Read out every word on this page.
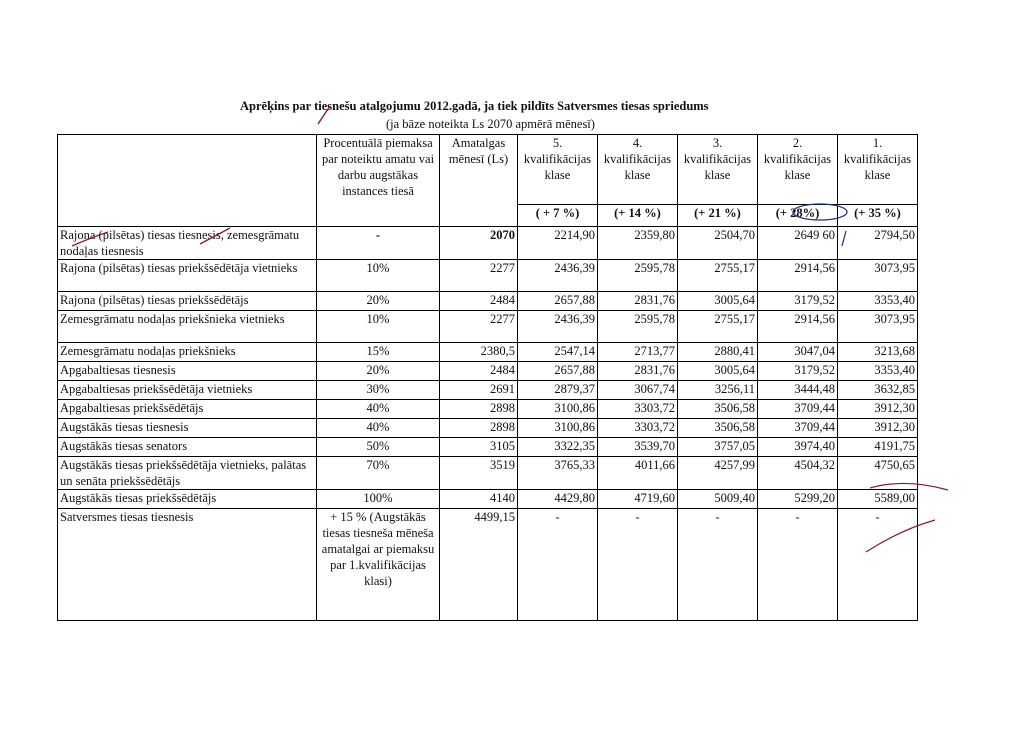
Aprēķins par tiesnešu atalgojumu 2012.gadā, ja tiek pildīts Satversmes tiesas spriedums
(ja bāze noteikta Ls 2070 apmērā mēnesī)
	Procentuālā piemaksa par noteiktu amatu vai darbu augstākas instances tiesā	Amatalgas mēnesī (Ls)	5. kvalifikācijas klase	4. kvalifikācijas klase	3. kvalifikācijas klase	2. kvalifikācijas klase	1. kvalifikācijas klase
			( + 7 %)	(+ 14 %)	(+ 21 %)	(+ 28%)	(+ 35 %)
Rajona (pilsētas) tiesas tiesnesis, zemesgrāmatu nodaļas tiesnesis	-	2070	2214,90	2359,80	2504,70	2649 60	2794,50
Rajona (pilsētas) tiesas priekšsēdētāja vietnieks	10%	2277	2436,39	2595,78	2755,17	2914,56	3073,95
Rajona (pilsētas) tiesas priekšsēdētājs	20%	2484	2657,88	2831,76	3005,64	3179,52	3353,40
Zemesgrāmatu nodaļas priekšnieka vietnieks	10%	2277	2436,39	2595,78	2755,17	2914,56	3073,95
Zemesgrāmatu nodaļas priekšnieks	15%	2380,5	2547,14	2713,77	2880,41	3047,04	3213,68
Apgabaltiesas tiesnesis	20%	2484	2657,88	2831,76	3005,64	3179,52	3353,40
Apgabaltiesas priekšsēdētāja vietnieks	30%	2691	2879,37	3067,74	3256,11	3444,48	3632,85
Apgabaltiesas priekšsēdētājs	40%	2898	3100,86	3303,72	3506,58	3709,44	3912,30
Augstākās tiesas tiesnesis	40%	2898	3100,86	3303,72	3506,58	3709,44	3912,30
Augstākās tiesas senators	50%	3105	3322,35	3539,70	3757,05	3974,40	4191,75
Augstākās tiesas priekšsēdētāja vietnieks, palātas un senāta priekšsēdētājs	70%	3519	3765,33	4011,66	4257,99	4504,32	4750,65
Augstākās tiesas priekšsēdētājs	100%	4140	4429,80	4719,60	5009,40	5299,20	5589,00
Satversmes tiesas tiesnesis	+ 15 % (Augstākās tiesas tiesneša mēneša amatalgai ar piemaksu par 1.kvalifikācijas klasi)	4499,15	-	-	-	-	-
